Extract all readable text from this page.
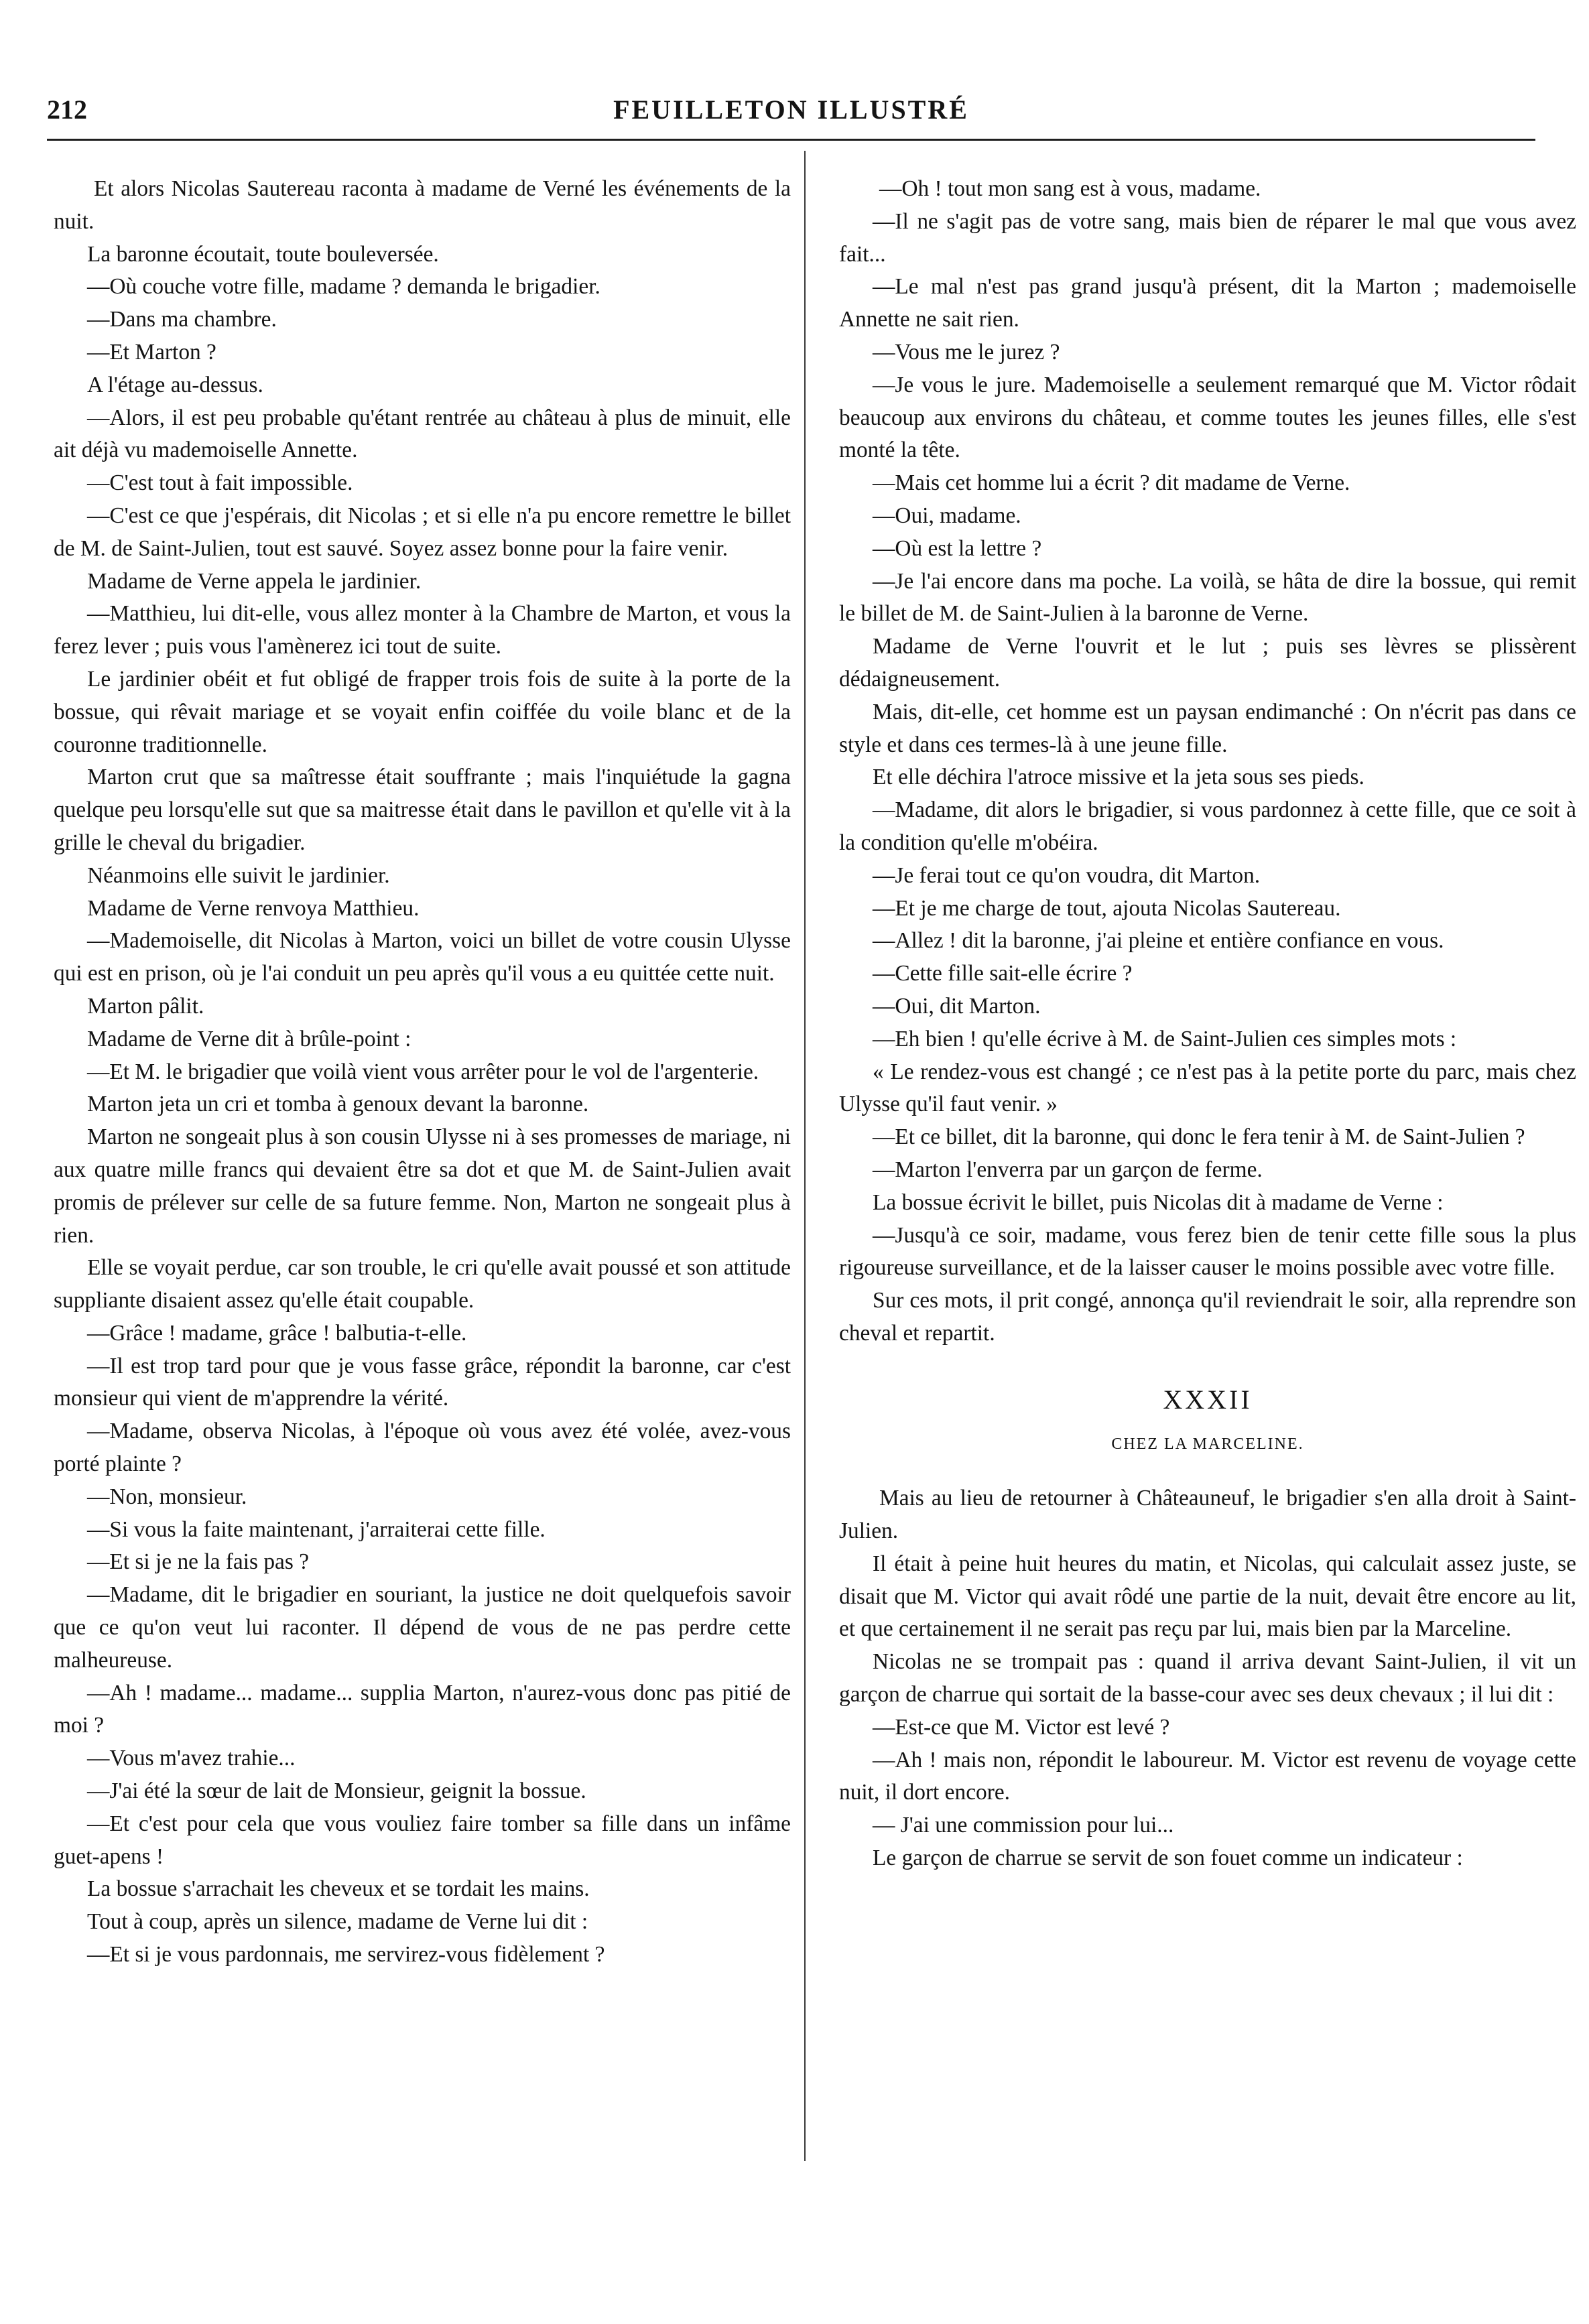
212	FEUILLETON ILLUSTRÉ

Et alors Nicolas Sautereau raconta à madame de Verné les événements de la nuit.

La baronne écoutait, toute bouleversée.

—Où couche votre fille, madame ? demanda le brigadier.

—Dans ma chambre.

—Et Marton ?

A l'étage au-dessus.

—Alors, il est peu probable qu'étant rentrée au château à plus de minuit, elle ait déjà vu mademoiselle Annette.

—C'est tout à fait impossible.

—C'est ce que j'espérais, dit Nicolas ; et si elle n'a pu encore remettre le billet de M. de Saint-Julien, tout est sauvé. Soyez assez bonne pour la faire venir.

Madame de Verne appela le jardinier.

—Matthieu, lui dit-elle, vous allez monter à la Chambre de Marton, et vous la ferez lever ; puis vous l'amènerez ici tout de suite.

Le jardinier obéit et fut obligé de frapper trois fois de suite à la porte de la bossue, qui rêvait mariage et se voyait enfin coiffée du voile blanc et de la couronne traditionnelle.

Marton crut que sa maîtresse était souffrante ; mais l'inquiétude la gagna quelque peu lorsqu'elle sut que sa maitresse était dans le pavillon et qu'elle vit à la grille le cheval du brigadier.

Néanmoins elle suivit le jardinier.

Madame de Verne renvoya Matthieu.

—Mademoiselle, dit Nicolas à Marton, voici un billet de votre cousin Ulysse qui est en prison, où je l'ai conduit un peu après qu'il vous a eu quittée cette nuit.

Marton pâlit.

Madame de Verne dit à brûle-point :

—Et M. le brigadier que voilà vient vous arrêter pour le vol de l'argenterie.

Marton jeta un cri et tomba à genoux devant la baronne.

Marton ne songeait plus à son cousin Ulysse ni à ses promesses de mariage, ni aux quatre mille francs qui devaient être sa dot et que M. de Saint-Julien avait promis de prélever sur celle de sa future femme. Non, Marton ne songeait plus à rien.

Elle se voyait perdue, car son trouble, le cri qu'elle avait poussé et son attitude suppliante disaient assez qu'elle était coupable.

—Grâce ! madame, grâce ! balbutia-t-elle.

—Il est trop tard pour que je vous fasse grâce, répondit la baronne, car c'est monsieur qui vient de m'apprendre la vérité.

—Madame, observa Nicolas, à l'époque où vous avez été volée, avez-vous porté plainte ?

—Non, monsieur.

—Si vous la faite maintenant, j'arraiterai cette fille.

—Et si je ne la fais pas ?

—Madame, dit le brigadier en souriant, la justice ne doit quelquefois savoir que ce qu'on veut lui raconter. Il dépend de vous de ne pas perdre cette malheureuse.

—Ah ! madame... madame... supplia Marton, n'aurez-vous donc pas pitié de moi ?

—Vous m'avez trahie...

—J'ai été la sœur de lait de Monsieur, geignit la bossue.

—Et c'est pour cela que vous vouliez faire tomber sa fille dans un infâme guet-apens !

La bossue s'arrachait les cheveux et se tordait les mains.

Tout à coup, après un silence, madame de Verne lui dit :

—Et si je vous pardonnais, me servirez-vous fidèlement ?

—Oh ! tout mon sang est à vous, madame.

—Il ne s'agit pas de votre sang, mais bien de réparer le mal que vous avez fait...

—Le mal n'est pas grand jusqu'à présent, dit la Marton ; mademoiselle Annette ne sait rien.

—Vous me le jurez ?

—Je vous le jure. Mademoiselle a seulement remarqué que M. Victor rôdait beaucoup aux environs du château, et comme toutes les jeunes filles, elle s'est monté la tête.

—Mais cet homme lui a écrit ? dit madame de Verne.

—Oui, madame.

—Où est la lettre ?

—Je l'ai encore dans ma poche. La voilà, se hâta de dire la bossue, qui remit le billet de M. de Saint-Julien à la baronne de Verne.

Madame de Verne l'ouvrit et le lut ; puis ses lèvres se plissèrent dédaigneusement.

Mais, dit-elle, cet homme est un paysan endimanché : On n'écrit pas dans ce style et dans ces termes-là à une jeune fille.

Et elle déchira l'atroce missive et la jeta sous ses pieds.

—Madame, dit alors le brigadier, si vous pardonnez à cette fille, que ce soit à la condition qu'elle m'obéira.

—Je ferai tout ce qu'on voudra, dit Marton.

—Et je me charge de tout, ajouta Nicolas Sautereau.

—Allez ! dit la baronne, j'ai pleine et entière confiance en vous.

—Cette fille sait-elle écrire ?

—Oui, dit Marton.

—Eh bien ! qu'elle écrive à M. de Saint-Julien ces simples mots :

« Le rendez-vous est changé ; ce n'est pas à la petite porte du parc, mais chez Ulysse qu'il faut venir. »

—Et ce billet, dit la baronne, qui donc le fera tenir à M. de Saint-Julien ?

—Marton l'enverra par un garçon de ferme.

La bossue écrivit le billet, puis Nicolas dit à madame de Verne :

—Jusqu'à ce soir, madame, vous ferez bien de tenir cette fille sous la plus rigoureuse surveillance, et de la laisser causer le moins possible avec votre fille.

Sur ces mots, il prit congé, annonça qu'il reviendrait le soir, alla reprendre son cheval et repartit.

XXXII
CHEZ LA MARCELINE.

Mais au lieu de retourner à Châteauneuf, le brigadier s'en alla droit à Saint-Julien.

Il était à peine huit heures du matin, et Nicolas, qui calculait assez juste, se disait que M. Victor qui avait rôdé une partie de la nuit, devait être encore au lit, et que certainement il ne serait pas reçu par lui, mais bien par la Marceline.

Nicolas ne se trompait pas : quand il arriva devant Saint-Julien, il vit un garçon de charrue qui sortait de la basse-cour avec ses deux chevaux ; il lui dit :

—Est-ce que M. Victor est levé ?

—Ah ! mais non, répondit le laboureur. M. Victor est revenu de voyage cette nuit, il dort encore.

— J'ai une commission pour lui...

Le garçon de charrue se servit de son fouet comme un indicateur :
